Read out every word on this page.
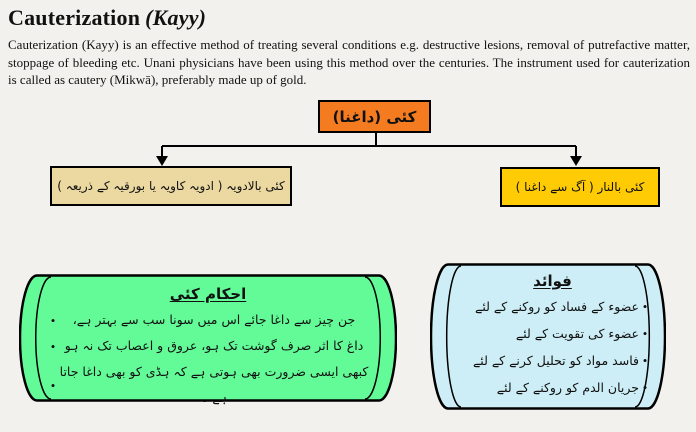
Cauterization (Kayy)
Cauterization (Kayy) is an effective method of treating several conditions e.g. destructive lesions, removal of putrefactive matter, stoppage of bleeding etc. Unani physicians have been using this method over the centuries. The instrument used for cauterization is called as cautery (Mikwā), preferably made up of gold.
کئی (داغنا)
کئی بالادویہ ( ادویہ کاویہ یا بورقیہ کے ذریعہ )	کئی بالنار ( آگ سے داغنا )
احکام کئی
•	جن چیز سے داغا جائے اس میں سونا سب سے بہتر ہے،
• داغ کا اثر صرف گوشت تک ہو، عروق و اعصاب تک نہ ہو
•
کبھی ایسی ضرورت بھی ہوتی ہے کہ ہڈی کو بھی داغا جاتا ہے ۔
فوائد
عضوء کے فساد کو روکنے کے لئے •
عضوء کی تقویت کے لئے •
فاسد مواد کو تحلیل کرنے کے لئے •
جریان الدم کو روکنے کے لئے •
